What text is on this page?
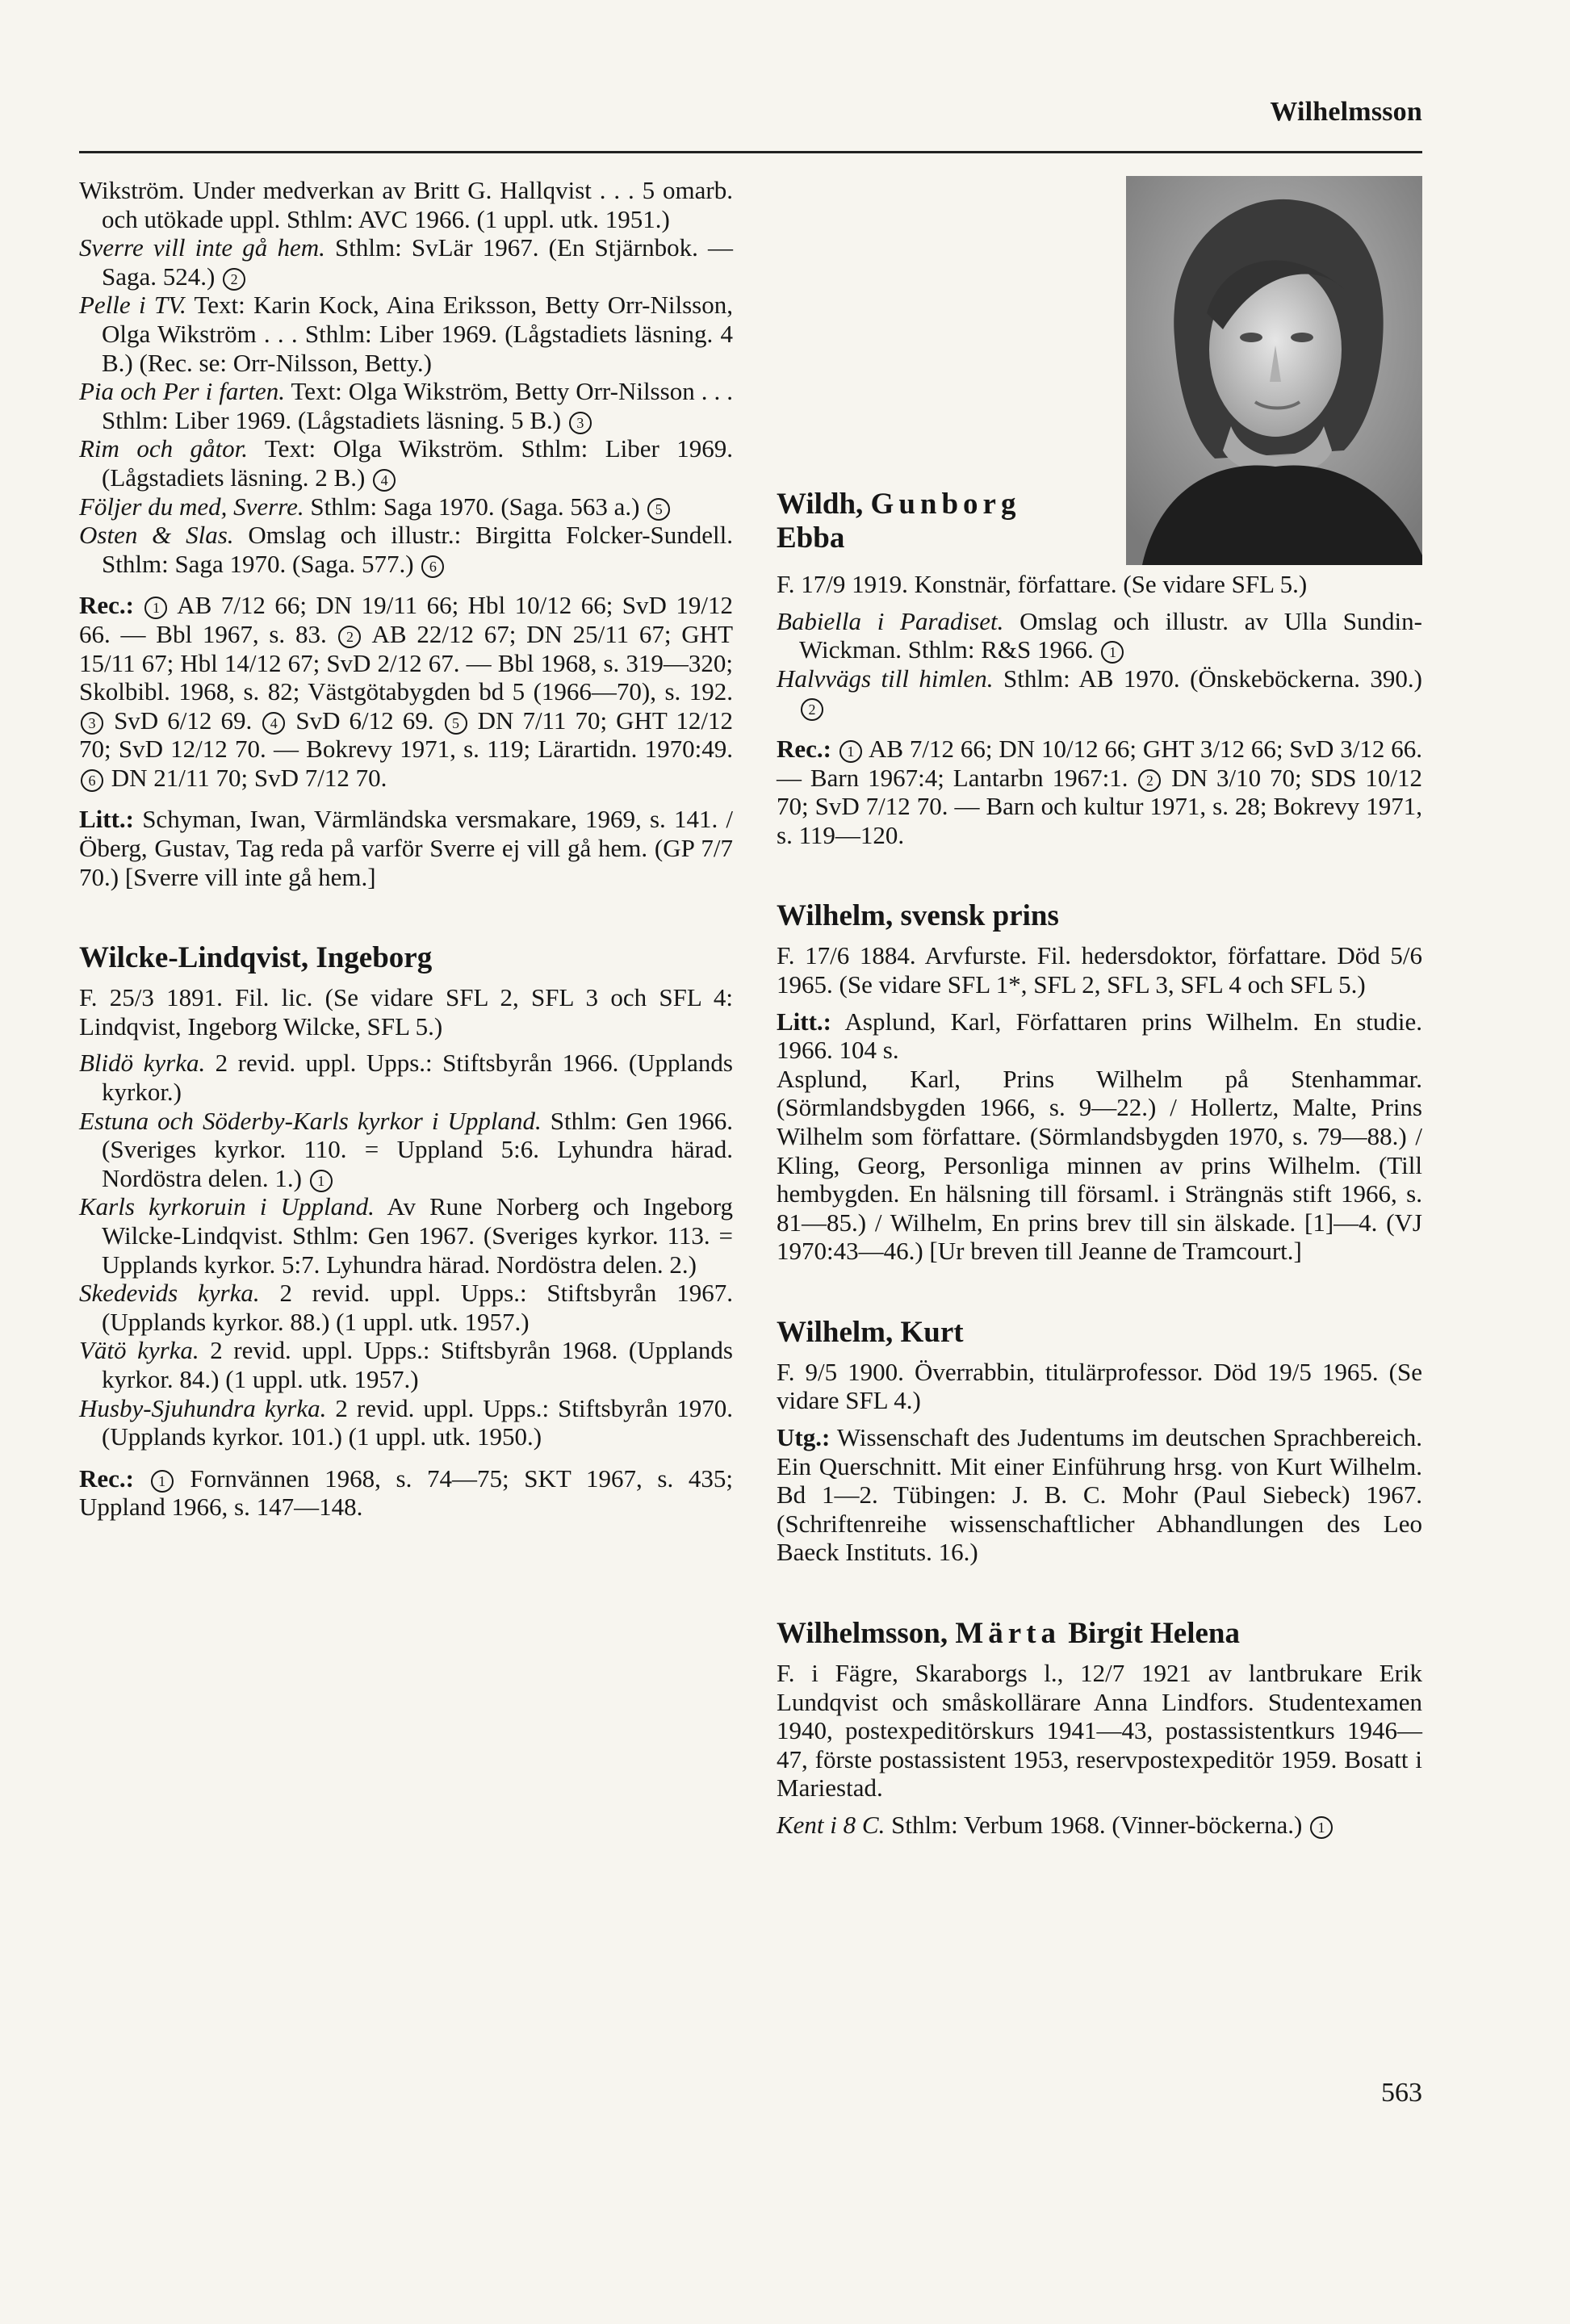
Wilhelmsson

Wikström. Under medverkan av Britt G. Hallqvist . . . 5 omarb. och utökade uppl. Sthlm: AVC 1966. (1 uppl. utk. 1951.)

Sverre vill inte gå hem. Sthlm: SvLär 1967. (En Stjärnbok. — Saga. 524.) 2

Pelle i TV. Text: Karin Kock, Aina Eriksson, Betty Orr-Nilsson, Olga Wikström . . . Sthlm: Liber 1969. (Lågstadiets läsning. 4 B.) (Rec. se: Orr-Nilsson, Betty.)

Pia och Per i farten. Text: Olga Wikström, Betty Orr-Nilsson . . . Sthlm: Liber 1969. (Lågstadiets läsning. 5 B.) 3

Rim och gåtor. Text: Olga Wikström. Sthlm: Liber 1969. (Lågstadiets läsning. 2 B.) 4

Följer du med, Sverre. Sthlm: Saga 1970. (Saga. 563 a.) 5

Osten & Slas. Omslag och illustr.: Birgitta Folcker-Sundell. Sthlm: Saga 1970. (Saga. 577.) 6

Rec.: 1 AB 7/12 66; DN 19/11 66; Hbl 10/12 66; SvD 19/12 66. — Bbl 1967, s. 83. 2 AB 22/12 67; DN 25/11 67; GHT 15/11 67; Hbl 14/12 67; SvD 2/12 67. — Bbl 1968, s. 319—320; Skolbibl. 1968, s. 82; Västgötabygden bd 5 (1966—70), s. 192. 3 SvD 6/12 69. 4 SvD 6/12 69. 5 DN 7/11 70; GHT 12/12 70; SvD 12/12 70. — Bokrevy 1971, s. 119; Lärartidn. 1970:49. 6 DN 21/11 70; SvD 7/12 70.

Litt.: Schyman, Iwan, Värmländska versmakare, 1969, s. 141. / Öberg, Gustav, Tag reda på varför Sverre ej vill gå hem. (GP 7/7 70.) [Sverre vill inte gå hem.]

Wilcke-Lindqvist, Ingeborg

F. 25/3 1891. Fil. lic. (Se vidare SFL 2, SFL 3 och SFL 4: Lindqvist, Ingeborg Wilcke, SFL 5.)

Blidö kyrka. 2 revid. uppl. Upps.: Stiftsbyrån 1966. (Upplands kyrkor.)

Estuna och Söderby-Karls kyrkor i Uppland. Sthlm: Gen 1966. (Sveriges kyrkor. 110. = Uppland 5:6. Lyhundra härad. Nordöstra delen. 1.) 1

Karls kyrkoruin i Uppland. Av Rune Norberg och Ingeborg Wilcke-Lindqvist. Sthlm: Gen 1967. (Sveriges kyrkor. 113. = Upplands kyrkor. 5:7. Lyhundra härad. Nordöstra delen. 2.)

Skedevids kyrka. 2 revid. uppl. Upps.: Stiftsbyrån 1967. (Upplands kyrkor. 88.) (1 uppl. utk. 1957.)

Vätö kyrka. 2 revid. uppl. Upps.: Stiftsbyrån 1968. (Upplands kyrkor. 84.) (1 uppl. utk. 1957.)

Husby-Sjuhundra kyrka. 2 revid. uppl. Upps.: Stiftsbyrån 1970. (Upplands kyrkor. 101.) (1 uppl. utk. 1950.)

Rec.: 1 Fornvännen 1968, s. 74—75; SKT 1967, s. 435; Uppland 1966, s. 147—148.

Wildh, Gunborg

Ebba

F. 17/9 1919. Konstnär, författare. (Se vidare SFL 5.)

Babiella i Paradiset. Omslag och illustr. av Ulla Sundin-Wickman. Sthlm: R&S 1966. 1

Halvvägs till himlen. Sthlm: AB 1970. (Önskeböckerna. 390.) 2

Rec.: 1 AB 7/12 66; DN 10/12 66; GHT 3/12 66; SvD 3/12 66. — Barn 1967:4; Lantarbn 1967:1. 2 DN 3/10 70; SDS 10/12 70; SvD 7/12 70. — Barn och kultur 1971, s. 28; Bokrevy 1971, s. 119—120.

Wilhelm, svensk prins

F. 17/6 1884. Arvfurste. Fil. hedersdoktor, författare. Död 5/6 1965. (Se vidare SFL 1*, SFL 2, SFL 3, SFL 4 och SFL 5.)

Litt.: Asplund, Karl, Författaren prins Wilhelm. En studie. 1966. 104 s.

Asplund, Karl, Prins Wilhelm på Stenhammar. (Sörmlandsbygden 1966, s. 9—22.) / Hollertz, Malte, Prins Wilhelm som författare. (Sörmlandsbygden 1970, s. 79—88.) / Kling, Georg, Personliga minnen av prins Wilhelm. (Till hembygden. En hälsning till församl. i Strängnäs stift 1966, s. 81—85.) / Wilhelm, En prins brev till sin älskade. [1]—4. (VJ 1970:43—46.) [Ur breven till Jeanne de Tramcourt.]

Wilhelm, Kurt

F. 9/5 1900. Överrabbin, titulärprofessor. Död 19/5 1965. (Se vidare SFL 4.)

Utg.: Wissenschaft des Judentums im deutschen Sprachbereich. Ein Querschnitt. Mit einer Einführung hrsg. von Kurt Wilhelm. Bd 1—2. Tübingen: J. B. C. Mohr (Paul Siebeck) 1967. (Schriftenreihe wissenschaftlicher Abhandlungen des Leo Baeck Instituts. 16.)

Wilhelmsson, Märta Birgit Helena

F. i Fägre, Skaraborgs l., 12/7 1921 av lantbrukare Erik Lundqvist och småskollärare Anna Lindfors. Studentexamen 1940, postexpeditörskurs 1941—43, postassistentkurs 1946—47, förste postassistent 1953, reservpostexpeditör 1959. Bosatt i Mariestad.

Kent i 8 C. Sthlm: Verbum 1968. (Vinner-böckerna.) 1

563
